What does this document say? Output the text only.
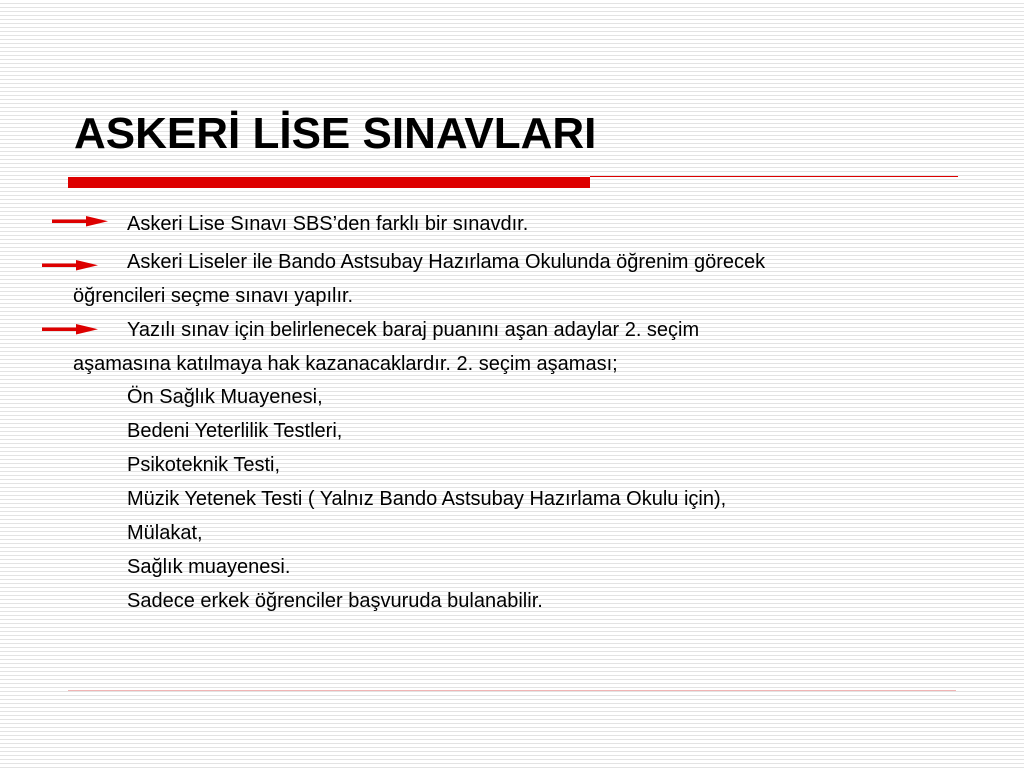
ASKERİ LİSE SINAVLARI
Askeri Lise Sınavı SBS’den farklı bir sınavdır.
Askeri Liseler ile Bando Astsubay Hazırlama Okulunda öğrenim görecek
öğrencileri seçme sınavı yapılır.
Yazılı sınav için belirlenecek baraj puanını aşan adaylar 2. seçim
aşamasına katılmaya hak kazanacaklardır. 2. seçim aşaması;
Ön Sağlık Muayenesi,
Bedeni Yeterlilik Testleri,
Psikoteknik Testi,
Müzik Yetenek Testi ( Yalnız Bando Astsubay Hazırlama Okulu için),
Mülakat,
Sağlık muayenesi.
Sadece erkek öğrenciler başvuruda bulanabilir.
